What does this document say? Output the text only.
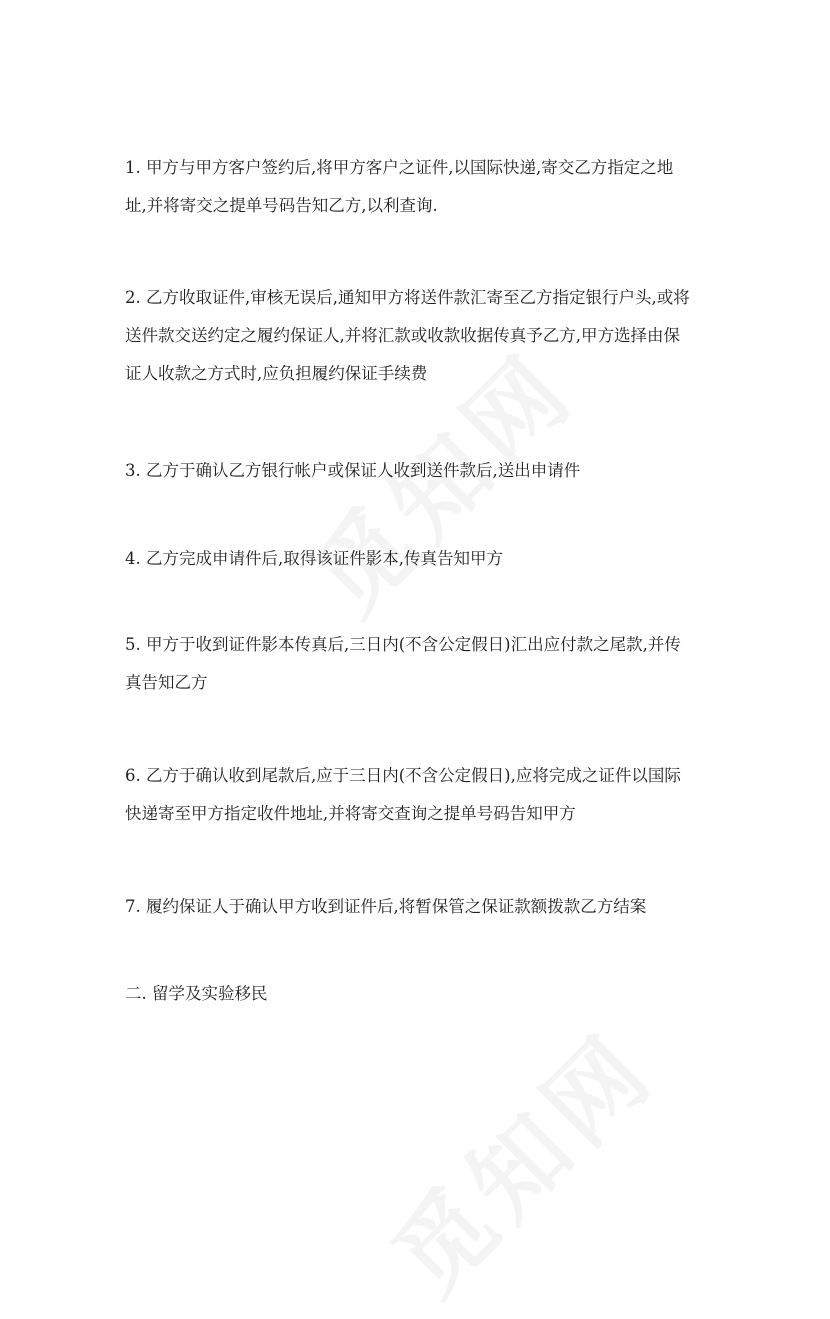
1. 甲方与甲方客户签约后,将甲方客户之证件,以国际快递,寄交乙方指定之地
址,并将寄交之提单号码告知乙方,以利查询.

2. 乙方收取证件,审核无误后,通知甲方将送件款汇寄至乙方指定银行户头,或将
送件款交送约定之履约保证人,并将汇款或收款收据传真予乙方,甲方选择由保
证人收款之方式时,应负担履约保证手续费

3. 乙方于确认乙方银行帐户或保证人收到送件款后,送出申请件

4. 乙方完成申请件后,取得该证件影本,传真告知甲方

5. 甲方于收到证件影本传真后,三日内(不含公定假日)汇出应付款之尾款,并传
真告知乙方

6. 乙方于确认收到尾款后,应于三日内(不含公定假日),应将完成之证件以国际
快递寄至甲方指定收件地址,并将寄交查询之提单号码告知甲方

7. 履约保证人于确认甲方收到证件后,将暂保管之保证款额拨款乙方结案

二. 留学及实验移民
